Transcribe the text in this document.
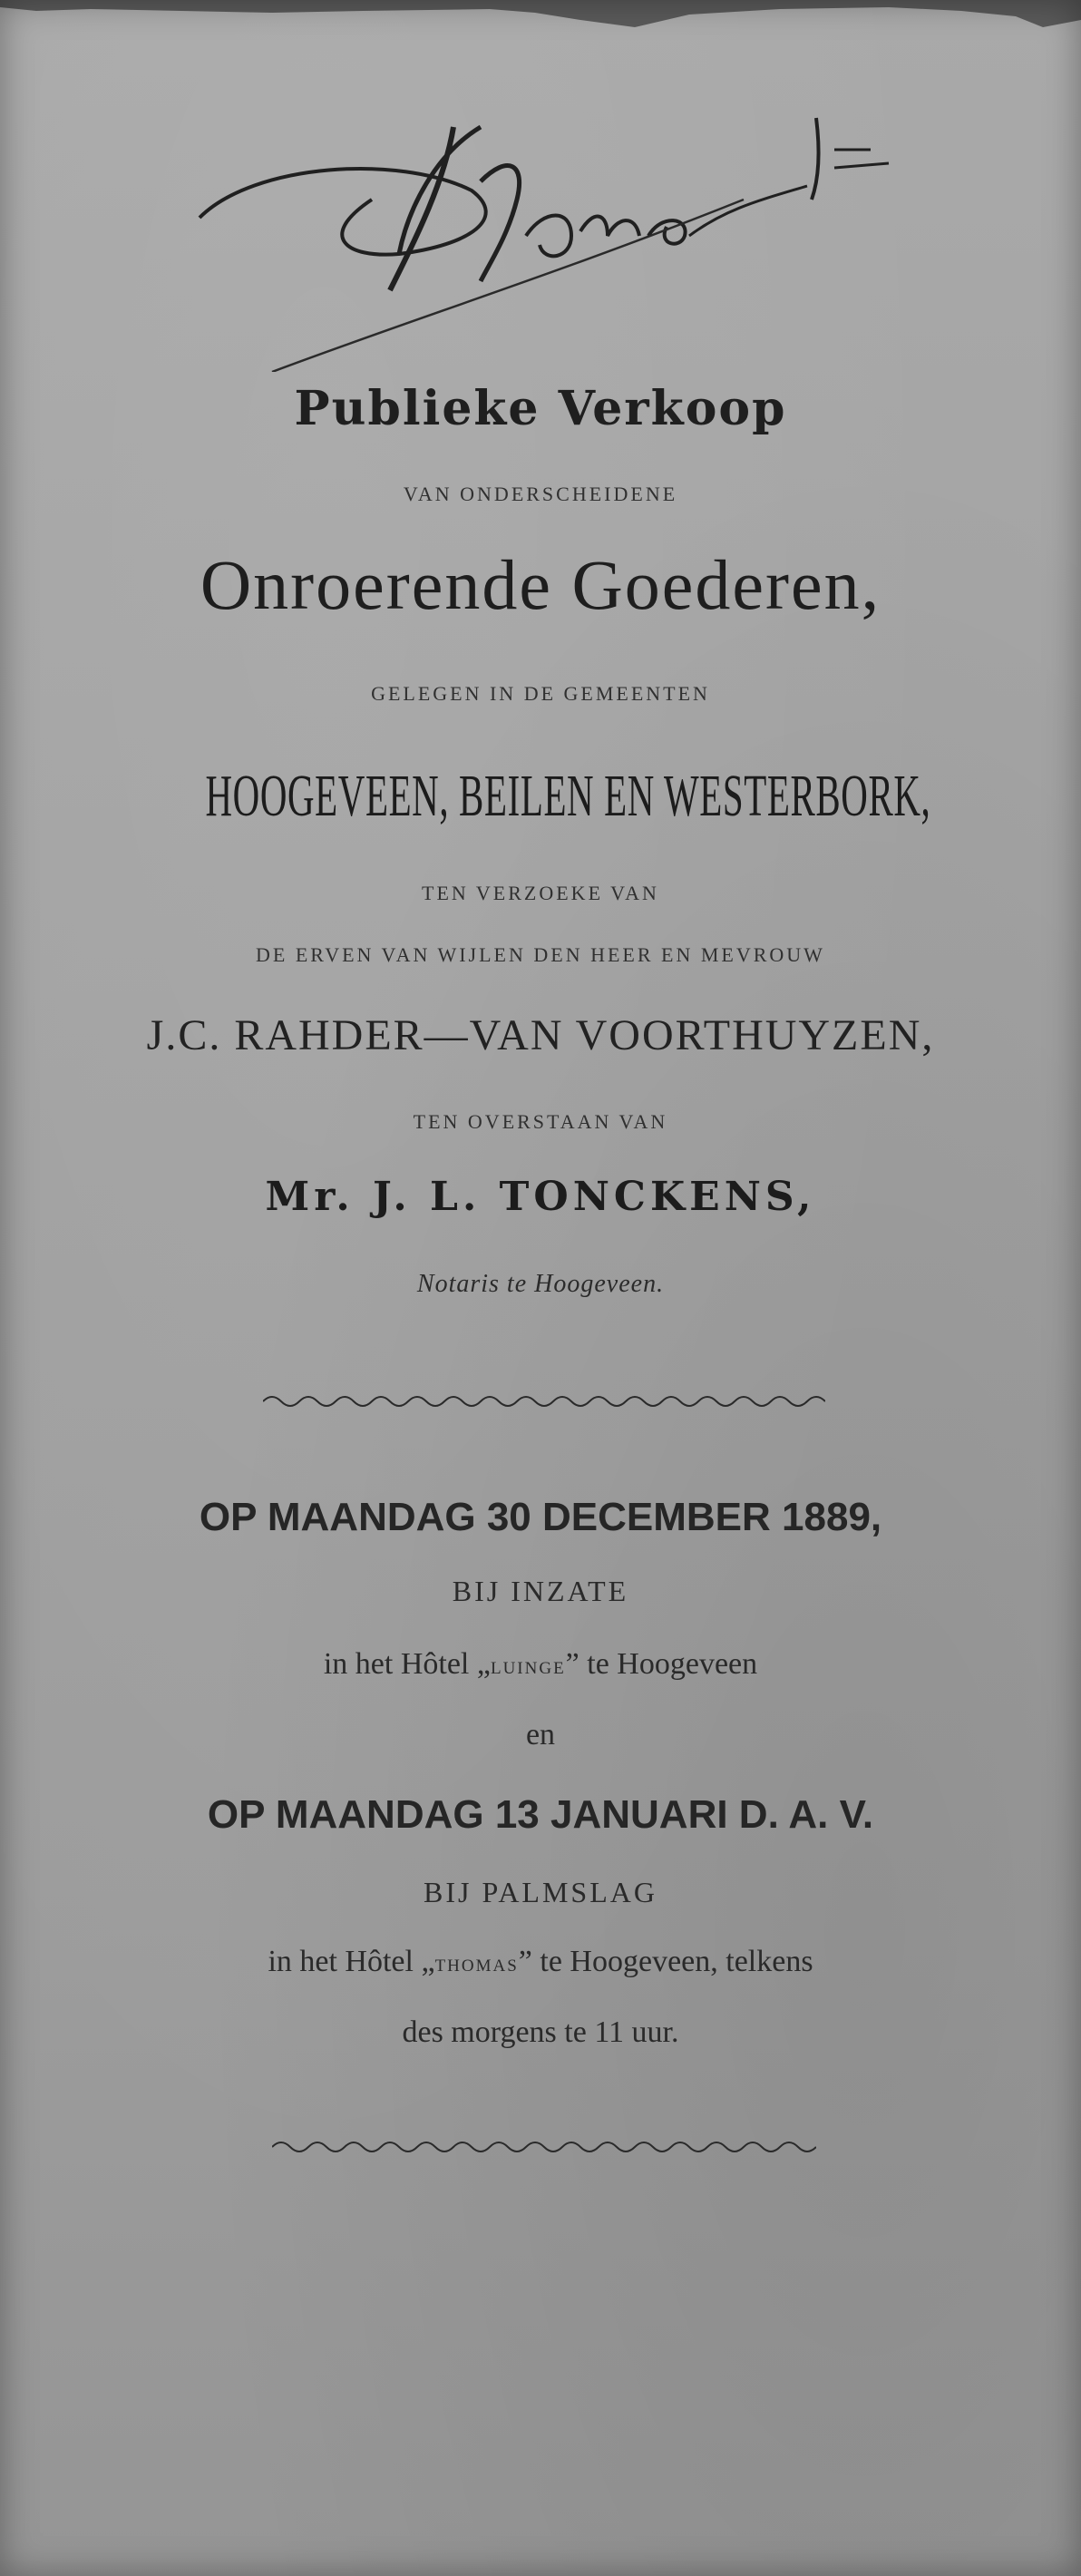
Publieke Verkoop
VAN ONDERSCHEIDENE
Onroerende Goederen,
GELEGEN IN DE GEMEENTEN
HOOGEVEEN, BEILEN EN WESTERBORK,
TEN VERZOEKE VAN
DE ERVEN VAN WIJLEN DEN HEER EN MEVROUW
J.C. RAHDER—VAN VOORTHUYZEN,
TEN OVERSTAAN VAN
Mr. J. L. TONCKENS,
Notaris te Hoogeveen.
OP MAANDAG 30 DECEMBER 1889,
BIJ INZATE
in het Hôtel „LUINGE” te Hoogeveen
en
OP MAANDAG 13 JANUARI D. A. V.
BIJ PALMSLAG
in het Hôtel „THOMAS” te Hoogeveen, telkens
des morgens te 11 uur.
